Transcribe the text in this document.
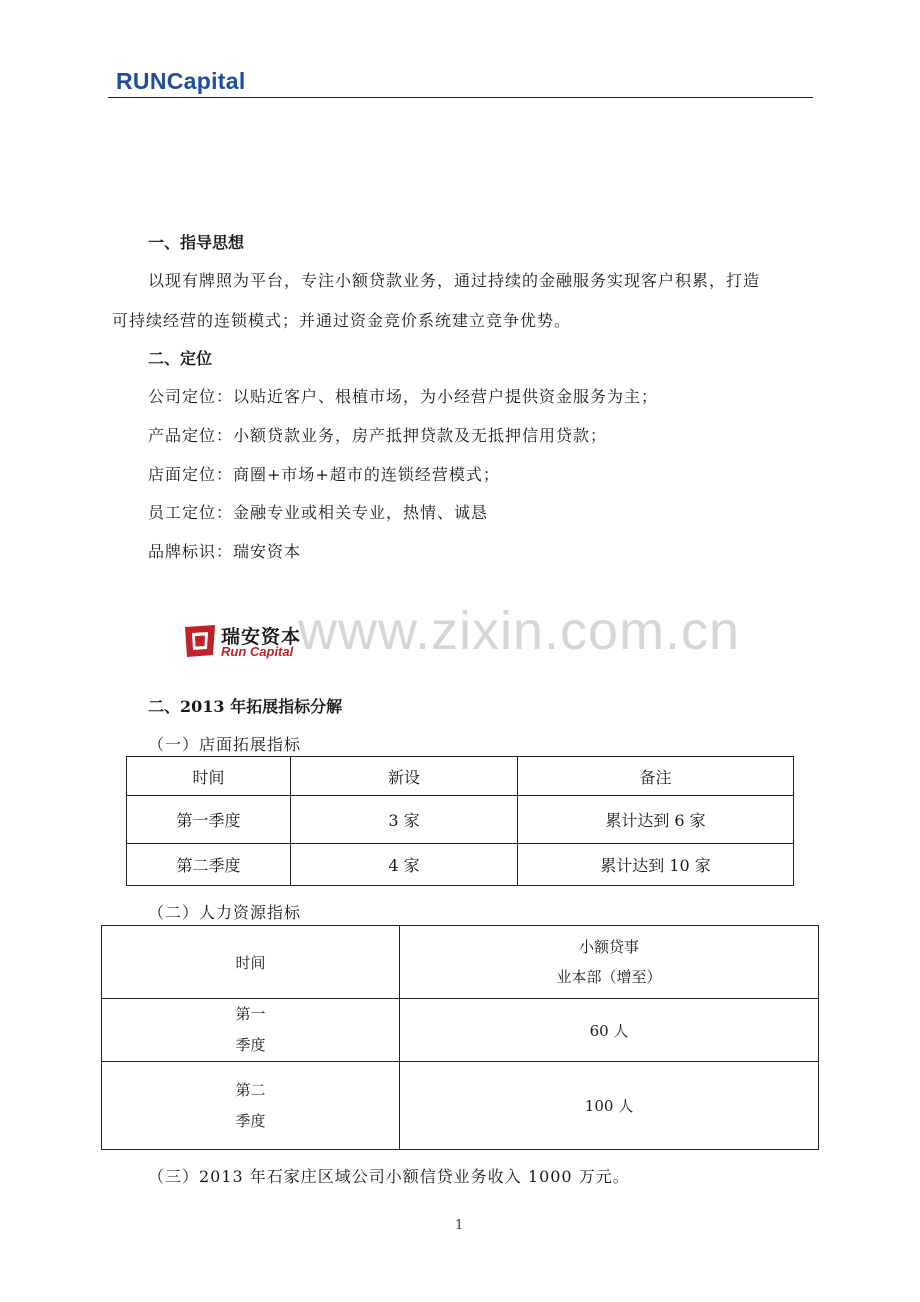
RUNCapital
一、指导思想
以现有牌照为平台，专注小额贷款业务，通过持续的金融服务实现客户积累，打造
可持续经营的连锁模式；并通过资金竞价系统建立竞争优势。
二、定位
公司定位：以贴近客户、根植市场，为小经营户提供资金服务为主；
产品定位：小额贷款业务，房产抵押贷款及无抵押信用贷款；
店面定位：商圈+市场+超市的连锁经营模式；
员工定位：金融专业或相关专业，热情、诚恳
品牌标识：瑞安资本
www.zixin.com.cn
瑞安资本
Run Capital
二、2013 年拓展指标分解
（一）店面拓展指标
时间	新设	备注
第一季度	3 家	累计达到 6 家
第二季度	4 家	累计达到 10 家
（二）人力资源指标
时间	小额贷事
业本部（增至）

第一
季度	60 人

第二
季度	100 人
（三）2013 年石家庄区域公司小额信贷业务收入 1000 万元。
1
